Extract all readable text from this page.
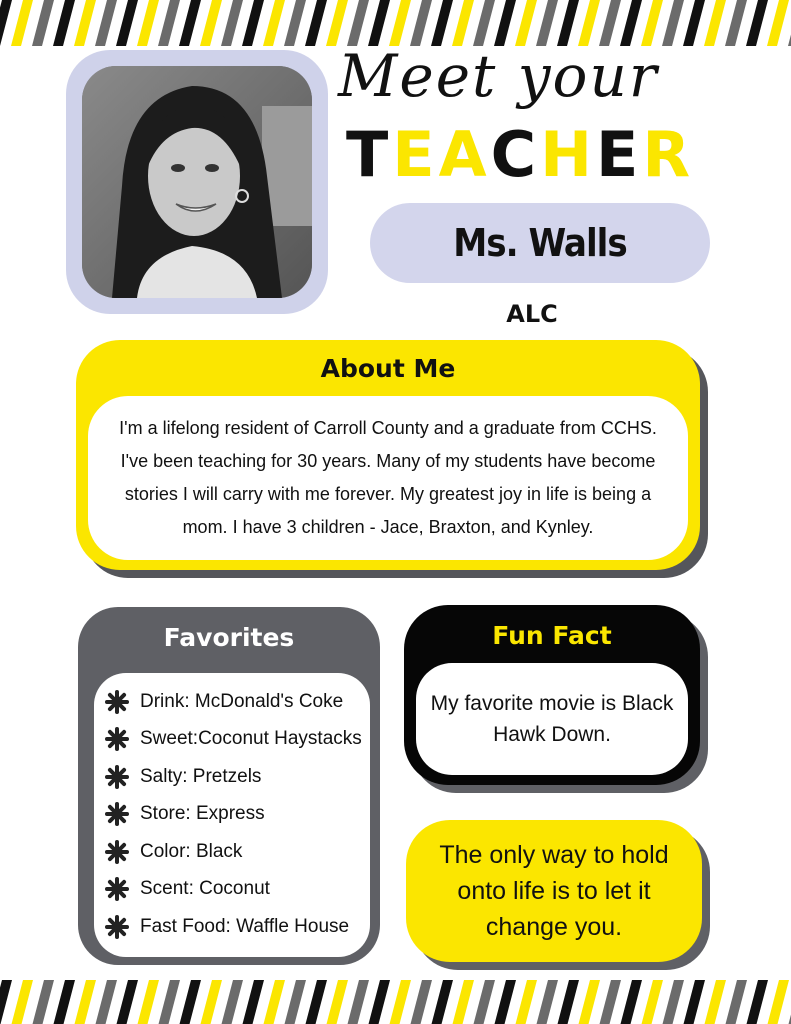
Meet your
T E A C H E R
Ms. Walls
ALC
About Me

I'm a lifelong resident of Carroll County and a graduate from CCHS. I've been teaching for 30 years. Many of my students have become stories I will carry with me forever. My greatest joy in life is being a mom. I have 3 children - Jace, Braxton, and Kynley.

Favorites
Drink: McDonald's Coke
Sweet:Coconut Haystacks
Salty: Pretzels
Store: Express
Color: Black
Scent: Coconut
Fast Food: Waffle House
Fun Fact
My favorite movie is Black Hawk Down.
The only way to hold onto life is to let it change you.
